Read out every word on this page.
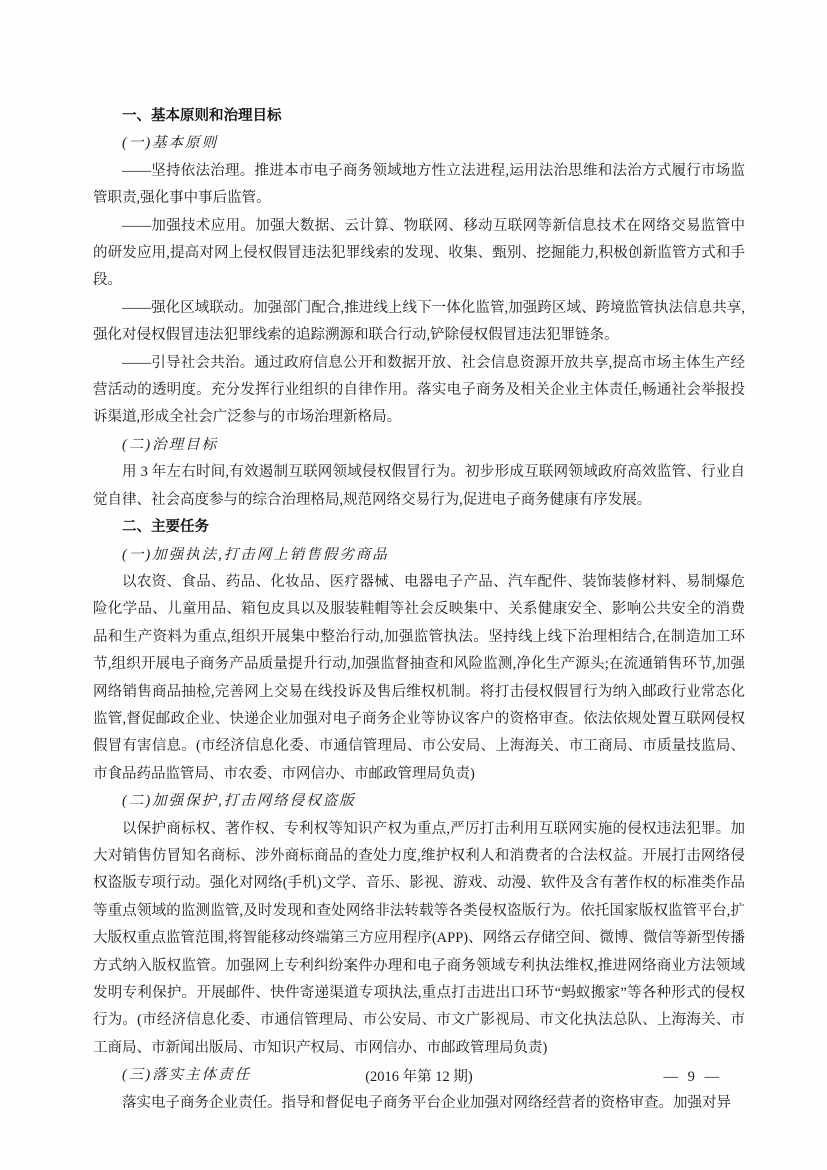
一、基本原则和治理目标

(一)基本原则

——坚持依法治理。推进本市电子商务领域地方性立法进程,运用法治思维和法治方式履行市场监管职责,强化事中事后监管。

——加强技术应用。加强大数据、云计算、物联网、移动互联网等新信息技术在网络交易监管中的研发应用,提高对网上侵权假冒违法犯罪线索的发现、收集、甄别、挖掘能力,积极创新监管方式和手段。

——强化区域联动。加强部门配合,推进线上线下一体化监管,加强跨区域、跨境监管执法信息共享,强化对侵权假冒违法犯罪线索的追踪溯源和联合行动,铲除侵权假冒违法犯罪链条。

——引导社会共治。通过政府信息公开和数据开放、社会信息资源开放共享,提高市场主体生产经营活动的透明度。充分发挥行业组织的自律作用。落实电子商务及相关企业主体责任,畅通社会举报投诉渠道,形成全社会广泛参与的市场治理新格局。

(二)治理目标

用 3 年左右时间,有效遏制互联网领域侵权假冒行为。初步形成互联网领域政府高效监管、行业自觉自律、社会高度参与的综合治理格局,规范网络交易行为,促进电子商务健康有序发展。

二、主要任务

(一)加强执法,打击网上销售假劣商品

以农资、食品、药品、化妆品、医疗器械、电器电子产品、汽车配件、装饰装修材料、易制爆危险化学品、儿童用品、箱包皮具以及服装鞋帽等社会反映集中、关系健康安全、影响公共安全的消费品和生产资料为重点,组织开展集中整治行动,加强监管执法。坚持线上线下治理相结合,在制造加工环节,组织开展电子商务产品质量提升行动,加强监督抽查和风险监测,净化生产源头;在流通销售环节,加强网络销售商品抽检,完善网上交易在线投诉及售后维权机制。将打击侵权假冒行为纳入邮政行业常态化监管,督促邮政企业、快递企业加强对电子商务企业等协议客户的资格审查。依法依规处置互联网侵权假冒有害信息。(市经济信息化委、市通信管理局、市公安局、上海海关、市工商局、市质量技监局、市食品药品监管局、市农委、市网信办、市邮政管理局负责)

(二)加强保护,打击网络侵权盗版

以保护商标权、著作权、专利权等知识产权为重点,严厉打击利用互联网实施的侵权违法犯罪。加大对销售仿冒知名商标、涉外商标商品的查处力度,维护权利人和消费者的合法权益。开展打击网络侵权盗版专项行动。强化对网络(手机)文学、音乐、影视、游戏、动漫、软件及含有著作权的标准类作品等重点领域的监测监管,及时发现和查处网络非法转载等各类侵权盗版行为。依托国家版权监管平台,扩大版权重点监管范围,将智能移动终端第三方应用程序(APP)、网络云存储空间、微博、微信等新型传播方式纳入版权监管。加强网上专利纠纷案件办理和电子商务领域专利执法维权,推进网络商业方法领域发明专利保护。开展邮件、快件寄递渠道专项执法,重点打击进出口环节“蚂蚁搬家”等各种形式的侵权行为。(市经济信息化委、市通信管理局、市公安局、市文广影视局、市文化执法总队、上海海关、市工商局、市新闻出版局、市知识产权局、市网信办、市邮政管理局负责)

(三)落实主体责任

落实电子商务企业责任。指导和督促电子商务平台企业加强对网络经营者的资格审查。加强对异

(2016 年第 12 期)	— 9 —
